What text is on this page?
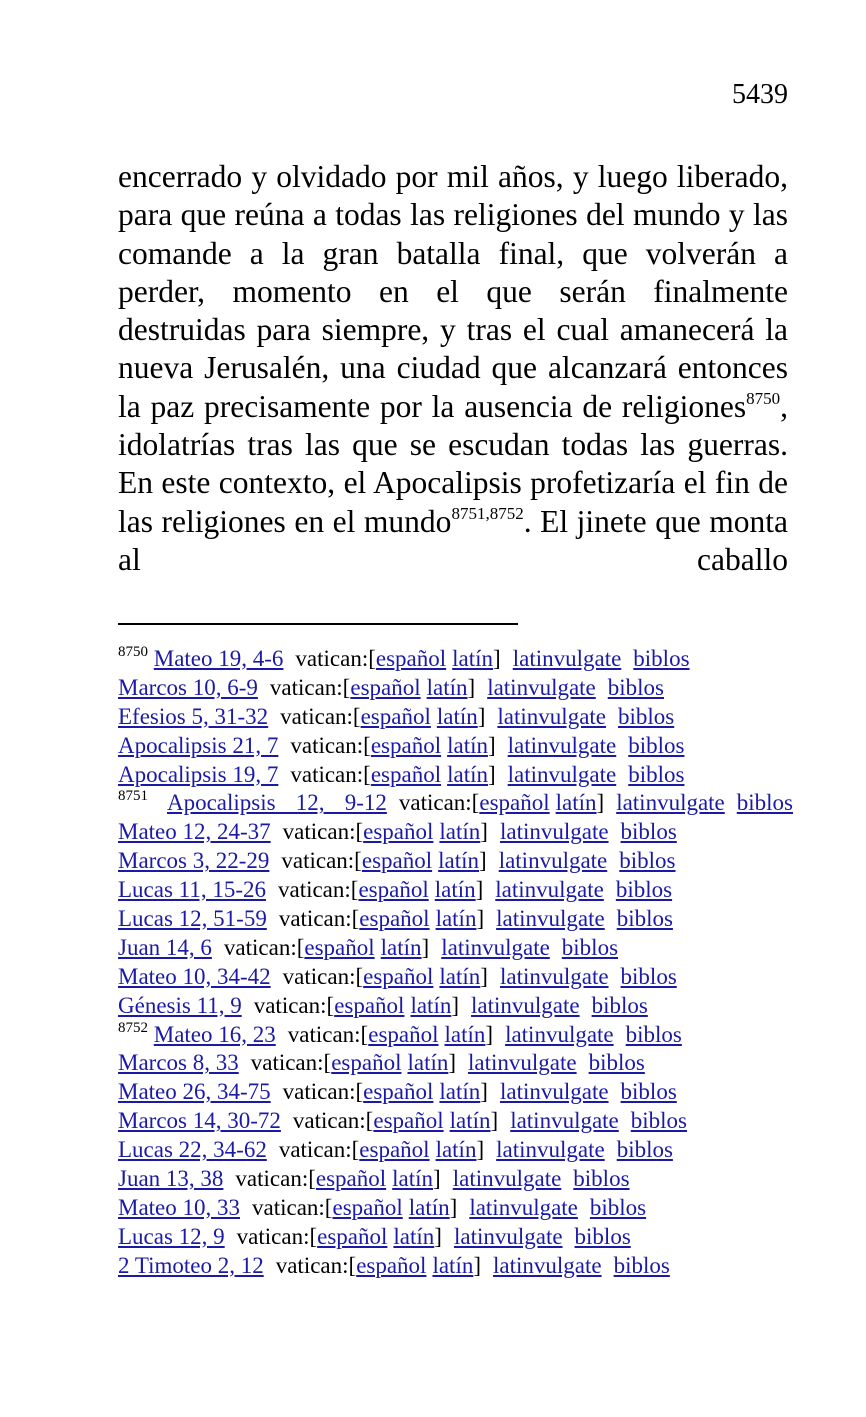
5439

encerrado y olvidado por mil años, y luego liberado, para que reúna a todas las religiones del mundo y las comande a la gran batalla final, que volverán a perder, momento en el que serán finalmente destruidas para siempre, y tras el cual amanecerá la nueva Jerusalén, una ciudad que alcanzará entonces la paz precisamente por la ausencia de religiones$^{8750}$, idolatrías tras las que se escudan todas las guerras. En este contexto, el Apocalipsis profetizaría el fin de las religiones en el mundo$^{8751,8752}$. El jinete que monta al caballo

$^{8750}$ Mateo 19, 4-6 vatican:[español latín] latinvulgate biblos
Marcos 10, 6-9 vatican:[español latín] latinvulgate biblos
Efesios 5, 31-32 vatican:[español latín] latinvulgate biblos
Apocalipsis 21, 7 vatican:[español latín] latinvulgate biblos
Apocalipsis 19, 7 vatican:[español latín] latinvulgate biblos
$^{8751}$ Apocalipsis 12, 9-12 vatican:[español latín] latinvulgate biblos
Mateo 12, 24-37 vatican:[español latín] latinvulgate biblos
Marcos 3, 22-29 vatican:[español latín] latinvulgate biblos
Lucas 11, 15-26 vatican:[español latín] latinvulgate biblos
Lucas 12, 51-59 vatican:[español latín] latinvulgate biblos
Juan 14, 6 vatican:[español latín] latinvulgate biblos
Mateo 10, 34-42 vatican:[español latín] latinvulgate biblos
Génesis 11, 9 vatican:[español latín] latinvulgate biblos
$^{8752}$ Mateo 16, 23 vatican:[español latín] latinvulgate biblos
Marcos 8, 33 vatican:[español latín] latinvulgate biblos
Mateo 26, 34-75 vatican:[español latín] latinvulgate biblos
Marcos 14, 30-72 vatican:[español latín] latinvulgate biblos
Lucas 22, 34-62 vatican:[español latín] latinvulgate biblos
Juan 13, 38 vatican:[español latín] latinvulgate biblos
Mateo 10, 33 vatican:[español latín] latinvulgate biblos
Lucas 12, 9 vatican:[español latín] latinvulgate biblos
2 Timoteo 2, 12 vatican:[español latín] latinvulgate biblos
